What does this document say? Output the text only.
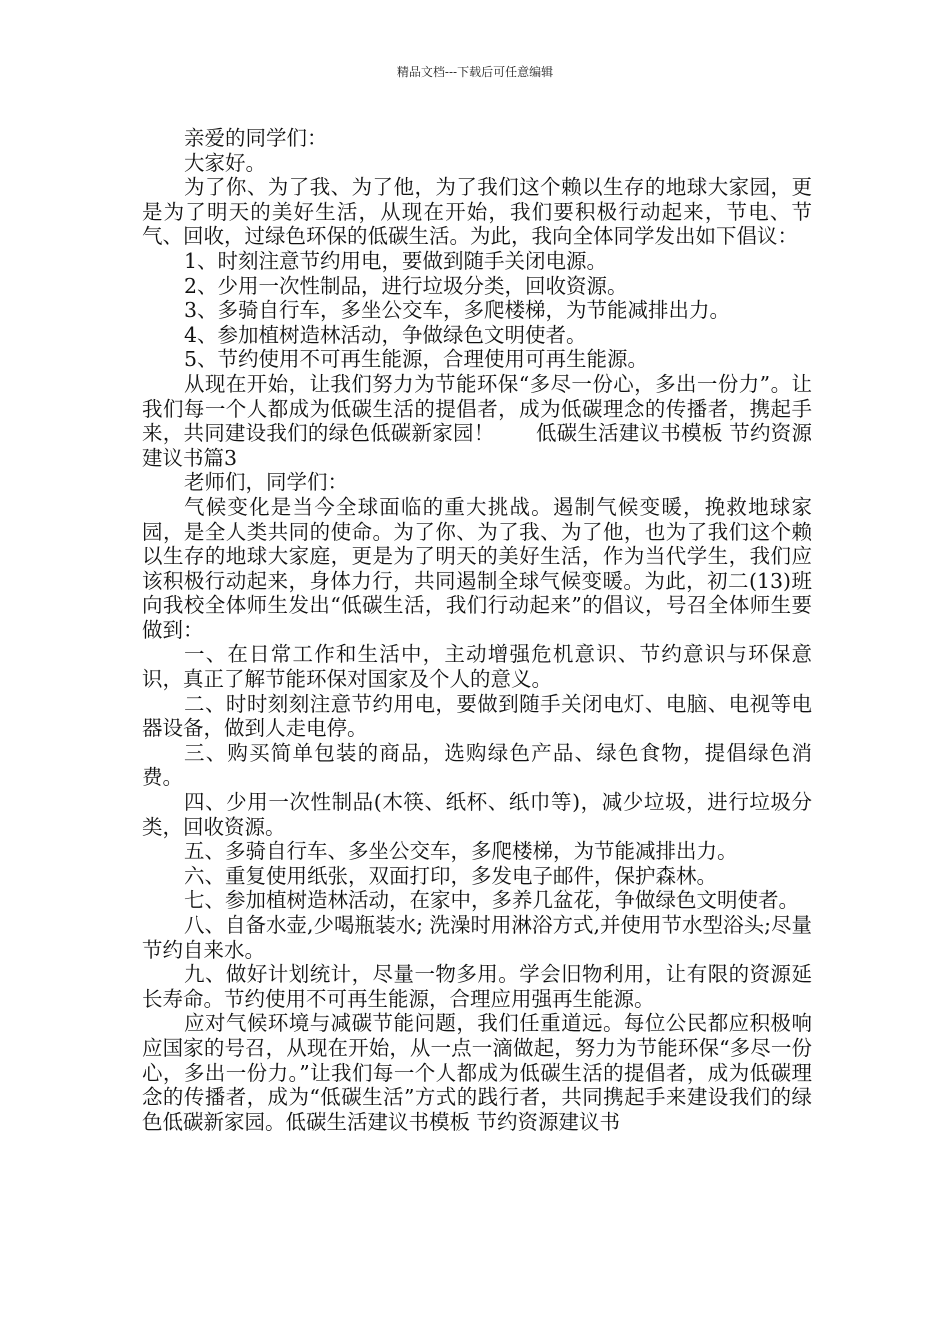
精品文档---下载后可任意编辑

亲爱的同学们：

大家好。

为了你、为了我、为了他，为了我们这个赖以生存的地球大家园，更是为了明天的美好生活，从现在开始，我们要积极行动起来，节电、节气、回收，过绿色环保的低碳生活。为此，我向全体同学发出如下倡议：

1、时刻注意节约用电，要做到随手关闭电源。

2、少用一次性制品，进行垃圾分类，回收资源。

3、多骑自行车，多坐公交车，多爬楼梯，为节能减排出力。

4、参加植树造林活动，争做绿色文明使者。

5、节约使用不可再生能源，合理使用可再生能源。

从现在开始，让我们努力为节能环保“多尽一份心，多出一份力”。让我们每一个人都成为低碳生活的提倡者，成为低碳理念的传播者，携起手来，共同建设我们的绿色低碳新家园！　　低碳生活建议书模板 节约资源建议书篇3

老师们，同学们：

气候变化是当今全球面临的重大挑战。遏制气候变暖，挽救地球家园，是全人类共同的使命。为了你、为了我、为了他，也为了我们这个赖以生存的地球大家庭，更是为了明天的美好生活，作为当代学生，我们应该积极行动起来，身体力行，共同遏制全球气候变暖。为此，初二(13)班向我校全体师生发出“低碳生活，我们行动起来”的倡议，号召全体师生要做到：

一、在日常工作和生活中，主动增强危机意识、节约意识与环保意识，真正了解节能环保对国家及个人的意义。

二、时时刻刻注意节约用电，要做到随手关闭电灯、电脑、电视等电器设备，做到人走电停。

三、购买简单包装的商品，选购绿色产品、绿色食物，提倡绿色消费。

四、少用一次性制品(木筷、纸杯、纸巾等)，减少垃圾，进行垃圾分类，回收资源。

五、多骑自行车、多坐公交车，多爬楼梯，为节能减排出力。

六、重复使用纸张，双面打印，多发电子邮件，保护森林。

七、参加植树造林活动，在家中，多养几盆花，争做绿色文明使者。

八、自备水壶,少喝瓶装水; 洗澡时用淋浴方式,并使用节水型浴头;尽量节约自来水。

九、做好计划统计，尽量一物多用。学会旧物利用，让有限的资源延长寿命。节约使用不可再生能源，合理应用强再生能源。

应对气候环境与减碳节能问题，我们任重道远。每位公民都应积极响应国家的号召，从现在开始，从一点一滴做起，努力为节能环保“多尽一份心，多出一份力。”让我们每一个人都成为低碳生活的提倡者，成为低碳理念的传播者，成为“低碳生活”方式的践行者，共同携起手来建设我们的绿色低碳新家园。低碳生活建议书模板 节约资源建议书
